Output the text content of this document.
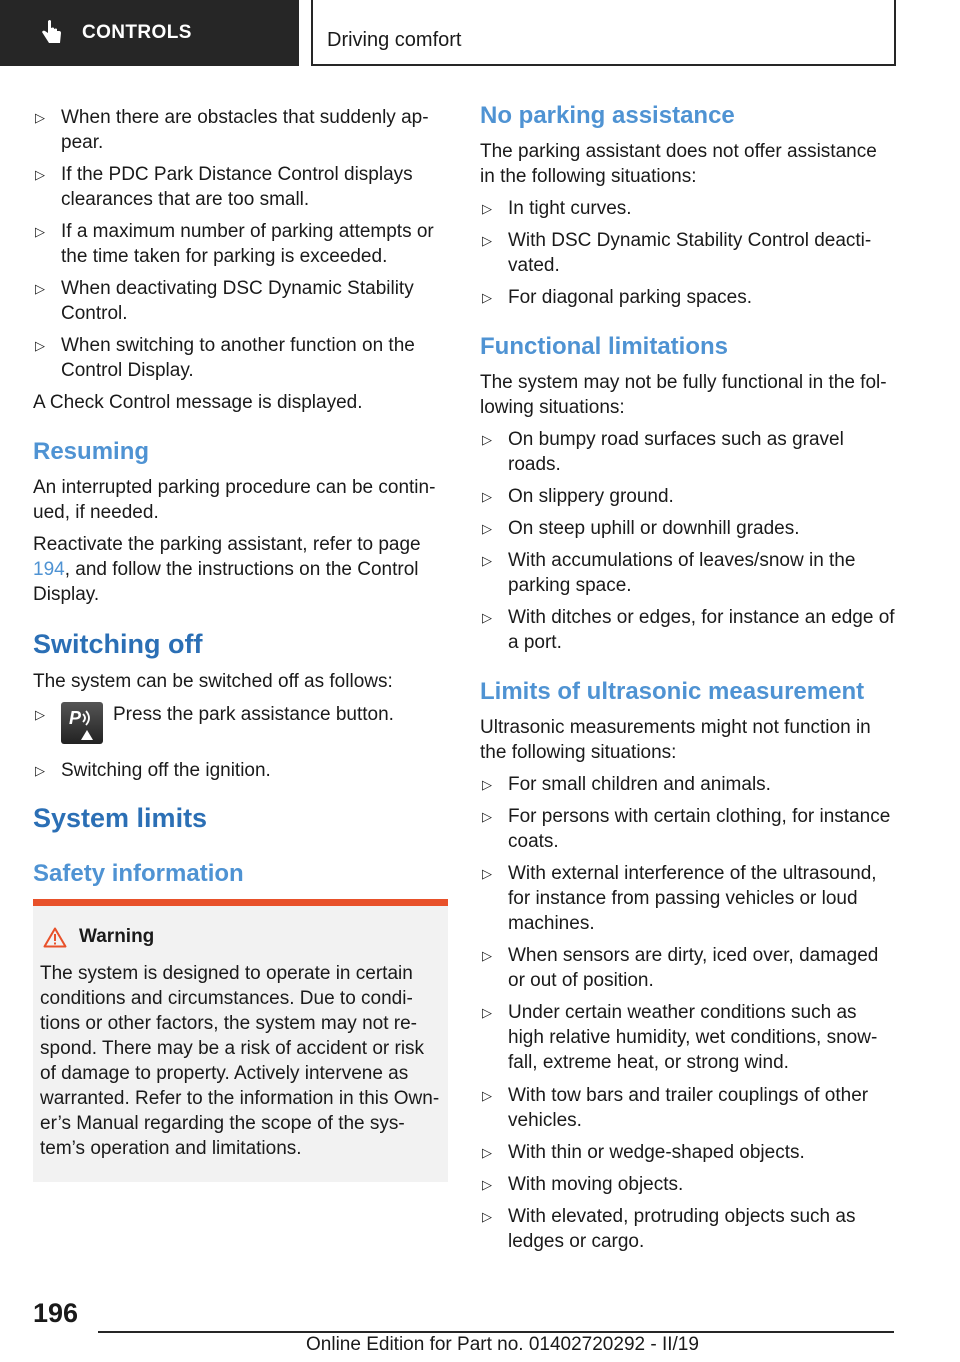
CONTROLS	Driving comfort
▷ When there are obstacles that suddenly ap-pear.
▷ If the PDC Park Distance Control displays clearances that are too small.
▷ If a maximum number of parking attempts or the time taken for parking is exceeded.
▷ When deactivating DSC Dynamic Stability Control.
▷ When switching to another function on the Control Display.
A Check Control message is displayed.
Resuming
An interrupted parking procedure can be contin-ued, if needed.
Reactivate the parking assistant, refer to page 194, and follow the instructions on the Control Display.
Switching off
The system can be switched off as follows:
▷	Press the park assistance button.
▷ Switching off the ignition.
System limits
Safety information
P
Warning
The system is designed to operate in certain conditions and circumstances. Due to condi-tions or other factors, the system may not re-spond. There may be a risk of accident or risk of damage to property. Actively intervene as warranted. Refer to the information in this Own-er’s Manual regarding the scope of the sys-tem’s operation and limitations.
No parking assistance
The parking assistant does not offer assistance in the following situations:
▷ In tight curves.
▷ With DSC Dynamic Stability Control deacti-vated.
▷ For diagonal parking spaces.
Functional limitations
The system may not be fully functional in the fol-lowing situations:
▷ On bumpy road surfaces such as gravel roads.
▷ On slippery ground.
▷ On steep uphill or downhill grades.
▷ With accumulations of leaves/snow in the parking space.
▷ With ditches or edges, for instance an edge of a port.
Limits of ultrasonic measurement
Ultrasonic measurements might not function in the following situations:
▷ For small children and animals.
▷ For persons with certain clothing, for instance coats.
▷ With external interference of the ultrasound, for instance from passing vehicles or loud machines.
▷ When sensors are dirty, iced over, damaged or out of position.
▷ Under certain weather conditions such as high relative humidity, wet conditions, snow-fall, extreme heat, or strong wind.
▷ With tow bars and trailer couplings of other vehicles.
▷ With thin or wedge-shaped objects.
▷ With moving objects.
▷ With elevated, protruding objects such as ledges or cargo.
196
Online Edition for Part no. 01402720292 - II/19
